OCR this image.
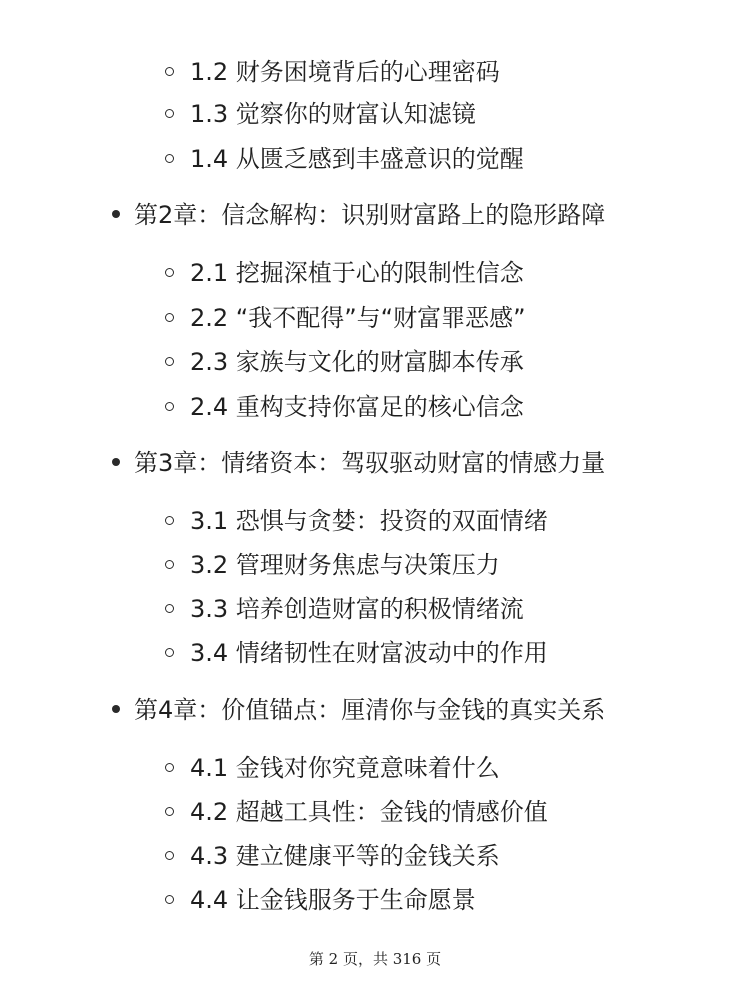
1.2 财务困境背后的心理密码
1.3 觉察你的财富认知滤镜
1.4 从匮乏感到丰盛意识的觉醒
第2章：信念解构：识别财富路上的隐形路障
2.1 挖掘深植于心的限制性信念
2.2 “我不配得”与“财富罪恶感”
2.3 家族与文化的财富脚本传承
2.4 重构支持你富足的核心信念
第3章：情绪资本：驾驭驱动财富的情感力量
3.1 恐惧与贪婪：投资的双面情绪
3.2 管理财务焦虑与决策压力
3.3 培养创造财富的积极情绪流
3.4 情绪韧性在财富波动中的作用
第4章：价值锚点：厘清你与金钱的真实关系
4.1 金钱对你究竟意味着什么
4.2 超越工具性：金钱的情感价值
4.3 建立健康平等的金钱关系
4.4 让金钱服务于生命愿景
第 2 页，共 316 页
